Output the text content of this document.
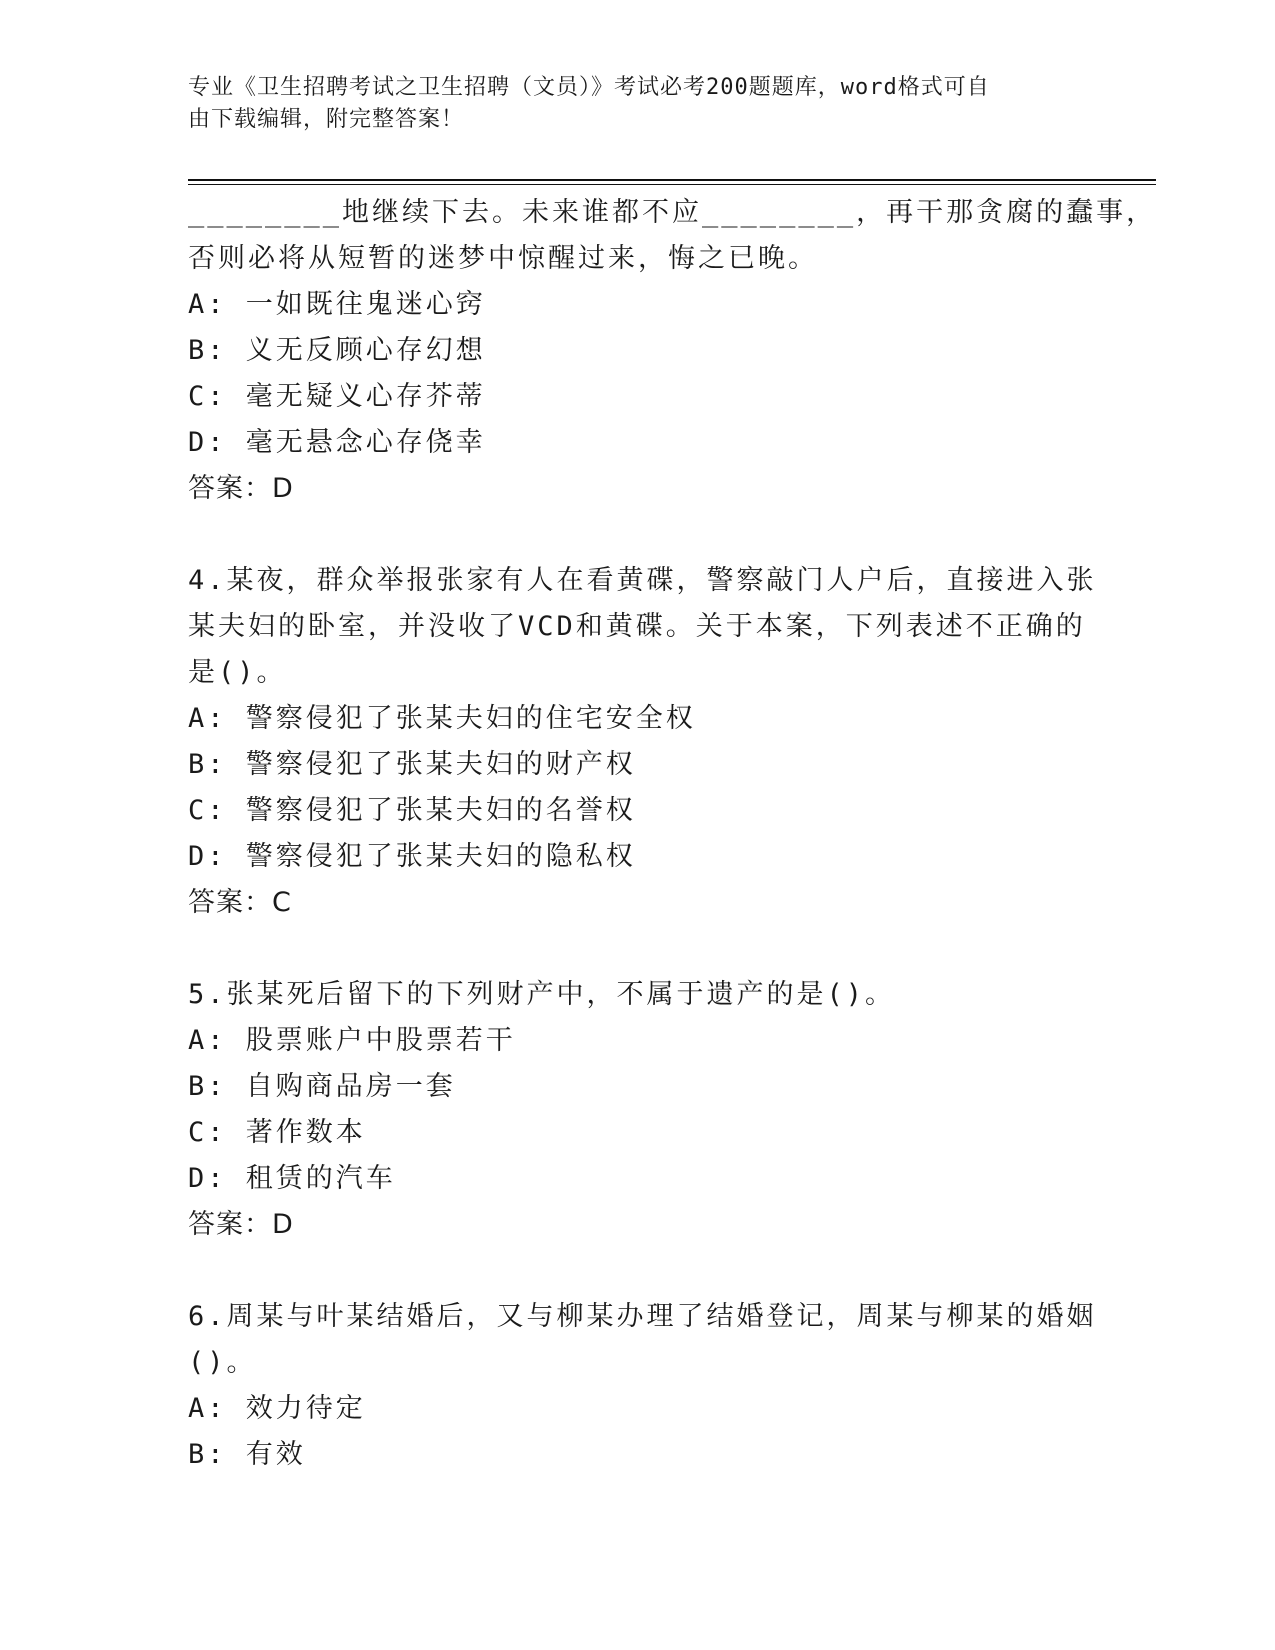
专业《卫生招聘考试之卫生招聘（文员）》考试必考200题题库，word格式可自
由下载编辑，附完整答案！
________地继续下去。未来谁都不应________，再干那贪腐的蠢事，
否则必将从短暂的迷梦中惊醒过来，悔之已晚。
A: 一如既往鬼迷心窍
B: 义无反顾心存幻想
C: 毫无疑义心存芥蒂
D: 毫无悬念心存侥幸
答案：D
4.某夜，群众举报张家有人在看黄碟，警察敲门人户后，直接进入张
某夫妇的卧室，并没收了VCD和黄碟。关于本案，下列表述不正确的
是()。
A: 警察侵犯了张某夫妇的住宅安全权
B: 警察侵犯了张某夫妇的财产权
C: 警察侵犯了张某夫妇的名誉权
D: 警察侵犯了张某夫妇的隐私权
答案：C
5.张某死后留下的下列财产中，不属于遗产的是()。
A: 股票账户中股票若干
B: 自购商品房一套
C: 著作数本
D: 租赁的汽车
答案：D
6.周某与叶某结婚后，又与柳某办理了结婚登记，周某与柳某的婚姻
()。
A: 效力待定
B: 有效
